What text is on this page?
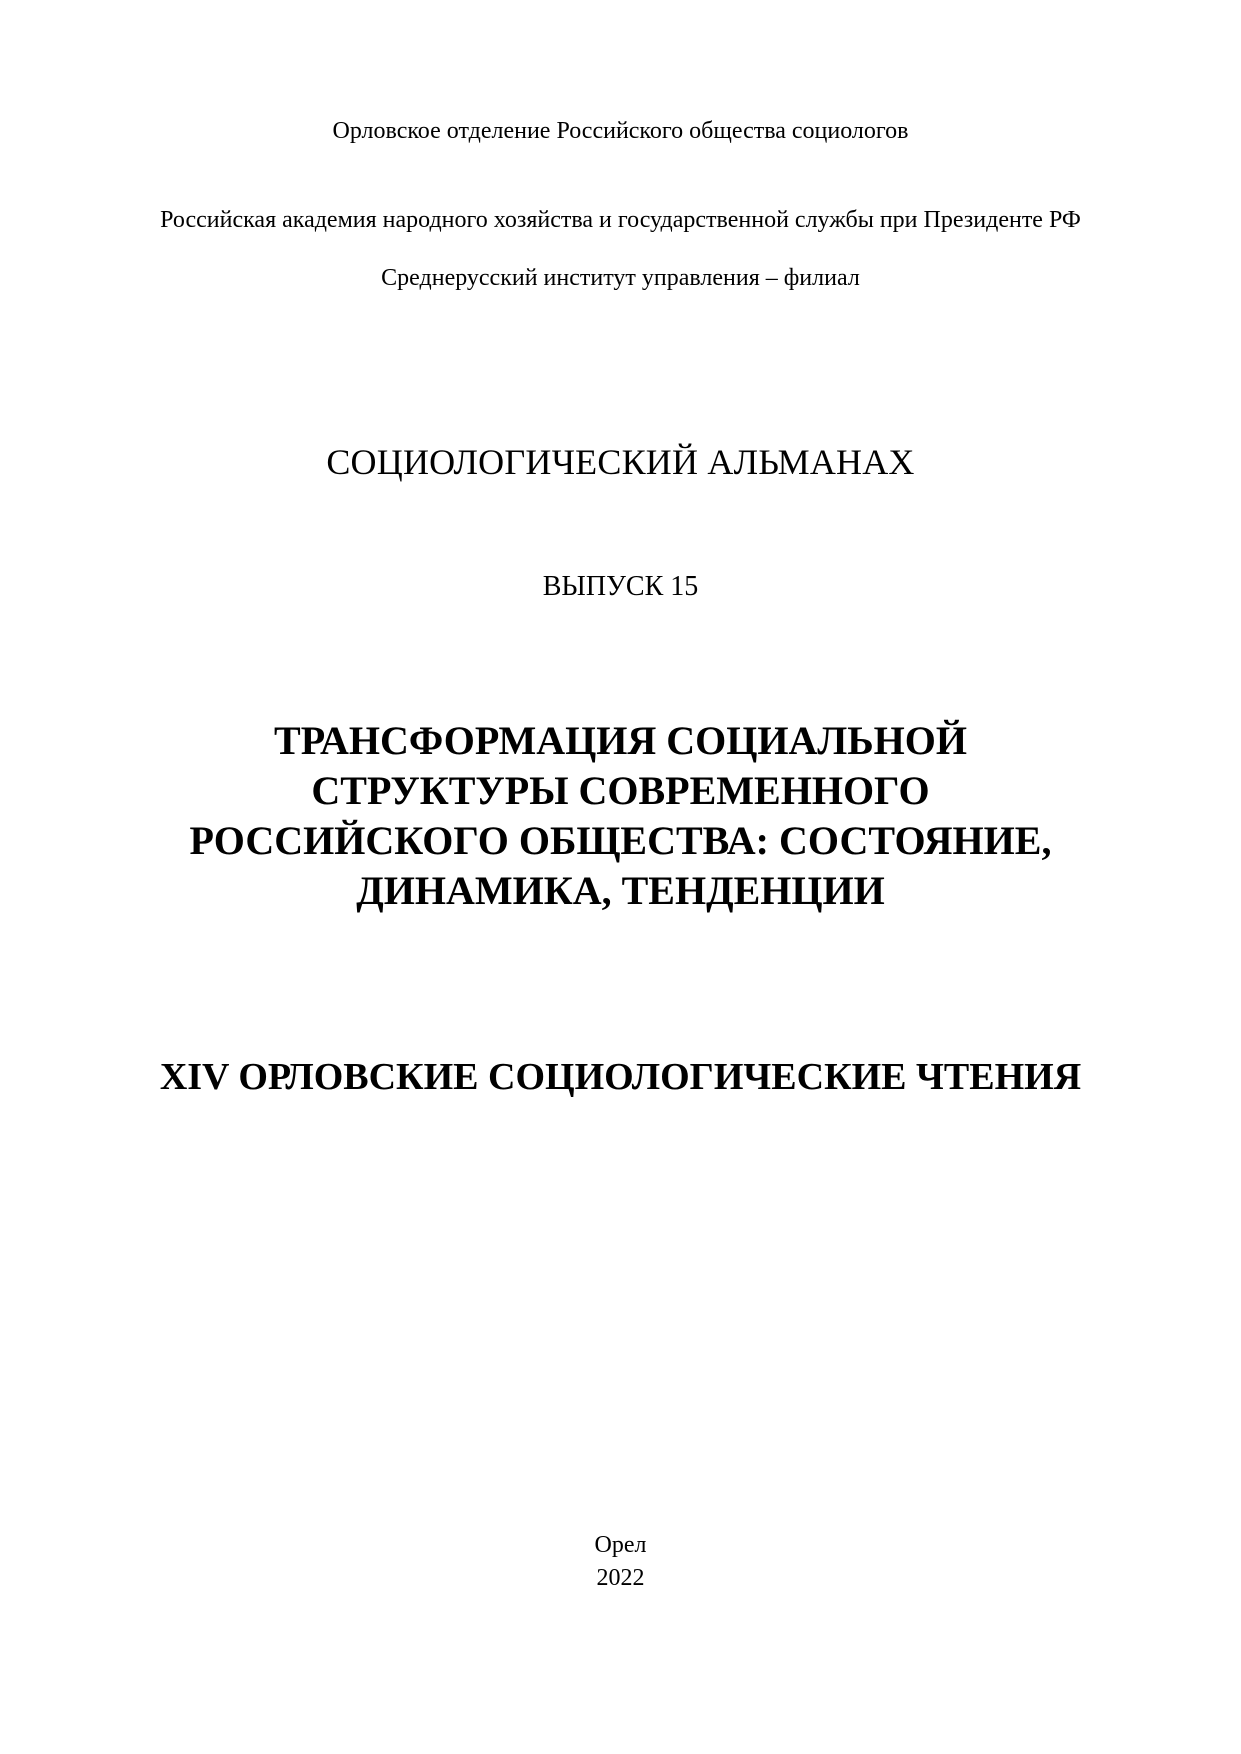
Орловское отделение Российского общества социологов
Российская академия народного хозяйства и государственной службы при Президенте РФ
Среднерусский институт управления – филиал
СОЦИОЛОГИЧЕСКИЙ АЛЬМАНАХ
ВЫПУСК 15
ТРАНСФОРМАЦИЯ СОЦИАЛЬНОЙ
СТРУКТУРЫ СОВРЕМЕННОГО
РОССИЙСКОГО ОБЩЕСТВА: СОСТОЯНИЕ,
ДИНАМИКА, ТЕНДЕНЦИИ
XIV ОРЛОВСКИЕ СОЦИОЛОГИЧЕСКИЕ ЧТЕНИЯ
Орел
2022
